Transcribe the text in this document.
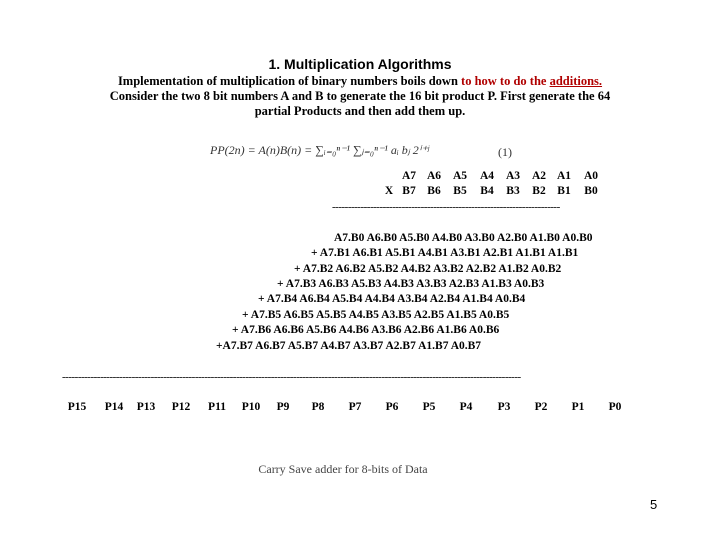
1. Multiplication Algorithms
Implementation of multiplication of binary numbers boils down to how to do the additions.
Consider the two 8 bit numbers A and B to generate the 16 bit product P. First generate the 64
partial Products and then add them up.
PP(2n) = A(n)B(n) = ∑ᵢ₌₀ⁿ⁻¹ ∑ⱼ₌₀ⁿ⁻¹ aᵢ bⱼ 2ⁱ⁺ʲ	(1)
A7 A6 A5 A4 A3 A2 A1 A0
X B7 B6 B5 B4 B3 B2 B1 B0
------------------------------------------------------------------------
A7.B0 A6.B0 A5.B0 A4.B0 A3.B0 A2.B0 A1.B0 A0.B0
+ A7.B1 A6.B1 A5.B1 A4.B1 A3.B1 A2.B1 A1.B1 A1.B1
+ A7.B2 A6.B2 A5.B2 A4.B2 A3.B2 A2.B2 A1.B2 A0.B2
+ A7.B3 A6.B3 A5.B3 A4.B3 A3.B3 A2.B3 A1.B3 A0.B3
+ A7.B4 A6.B4 A5.B4 A4.B4 A3.B4 A2.B4 A1.B4 A0.B4
+ A7.B5 A6.B5 A5.B5 A4.B5 A3.B5 A2.B5 A1.B5 A0.B5
+ A7.B6 A6.B6 A5.B6 A4.B6 A3.B6 A2.B6 A1.B6 A0.B6
+A7.B7 A6.B7 A5.B7 A4.B7 A3.B7 A2.B7 A1.B7 A0.B7
-------------------------------------------------------------------------------------------------------------------------------------------------
P15 P14 P13 P12 P11 P10 P9 P8 P7 P6 P5 P4 P3 P2 P1 P0
Carry Save adder for 8-bits of Data
5
